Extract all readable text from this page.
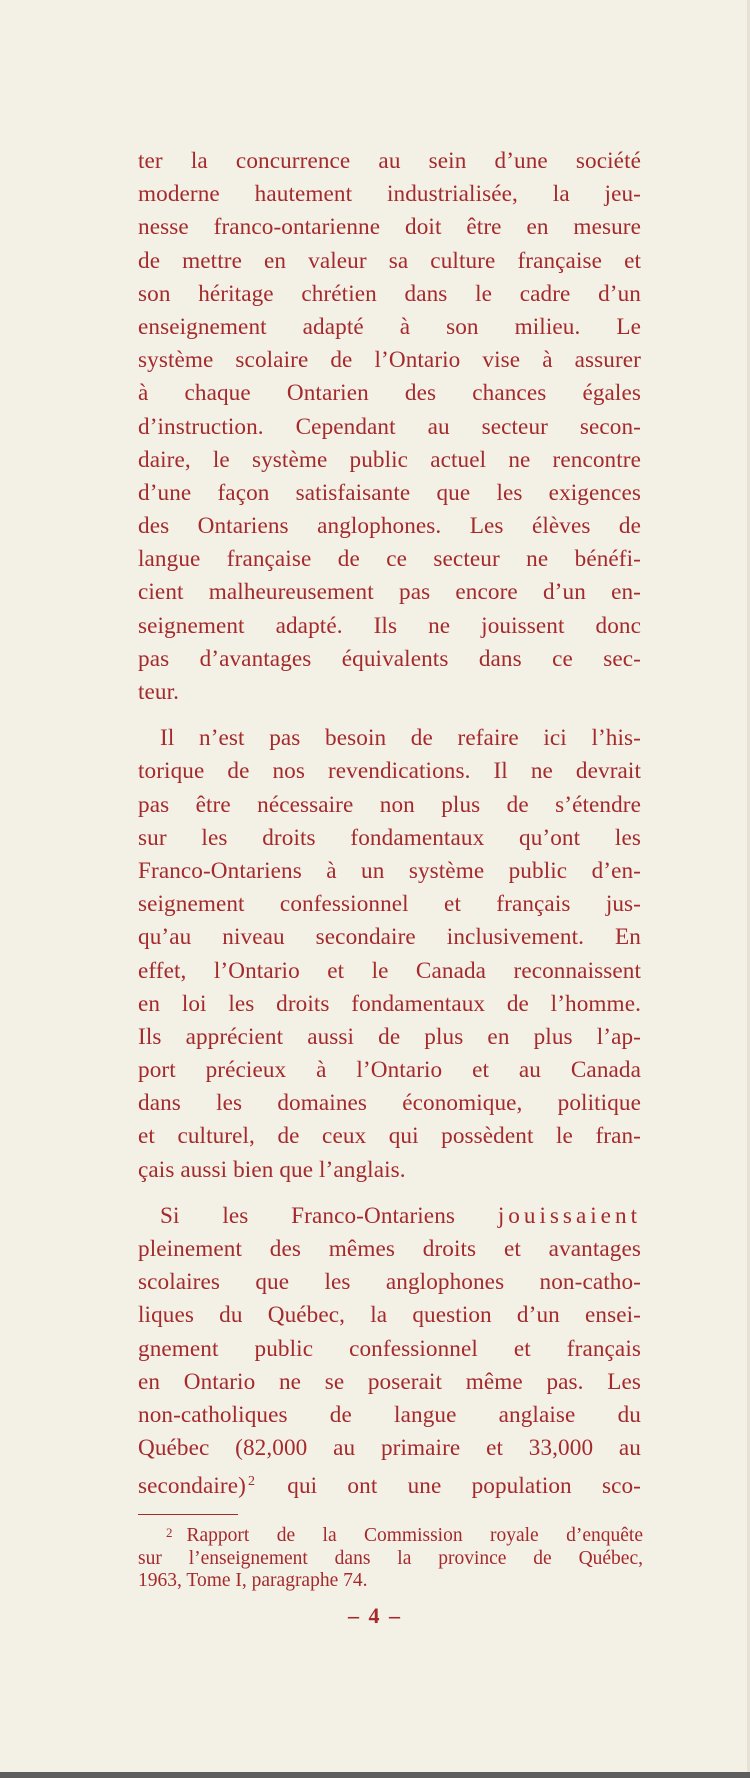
ter la concurrence au sein d’une société
moderne hautement industrialisée, la jeu-
nesse franco-ontarienne doit être en mesure
de mettre en valeur sa culture française et
son héritage chrétien dans le cadre d’un
enseignement adapté à son milieu. Le
système scolaire de l’Ontario vise à assurer
à chaque Ontarien des chances égales
d’instruction. Cependant au secteur secon-
daire, le système public actuel ne rencontre
d’une façon satisfaisante que les exigences
des Ontariens anglophones. Les élèves de
langue française de ce secteur ne bénéfi-
cient malheureusement pas encore d’un en-
seignement adapté. Ils ne jouissent donc
pas d’avantages équivalents dans ce sec-
teur.
Il n’est pas besoin de refaire ici l’his-
torique de nos revendications. Il ne devrait
pas être nécessaire non plus de s’étendre
sur les droits fondamentaux qu’ont les
Franco-Ontariens à un système public d’en-
seignement confessionnel et français jus-
qu’au niveau secondaire inclusivement. En
effet, l’Ontario et le Canada reconnaissent
en loi les droits fondamentaux de l’homme.
Ils apprécient aussi de plus en plus l’ap-
port précieux à l’Ontario et au Canada
dans les domaines économique, politique
et culturel, de ceux qui possèdent le fran-
çais aussi bien que l’anglais.
Si les Franco-Ontariens jouissaient
pleinement des mêmes droits et avantages
scolaires que les anglophones non-catho-
liques du Québec, la question d’un ensei-
gnement public confessionnel et français
en Ontario ne se poserait même pas. Les
non-catholiques de langue anglaise du
Québec (82,000 au primaire et 33,000 au
secondaire) $^2$ qui ont une population sco-
$^2$ Rapport de la Commission royale d’enquête
sur l’enseignement dans la province de Québec,
1963, Tome I, paragraphe 74.
– 4 –
